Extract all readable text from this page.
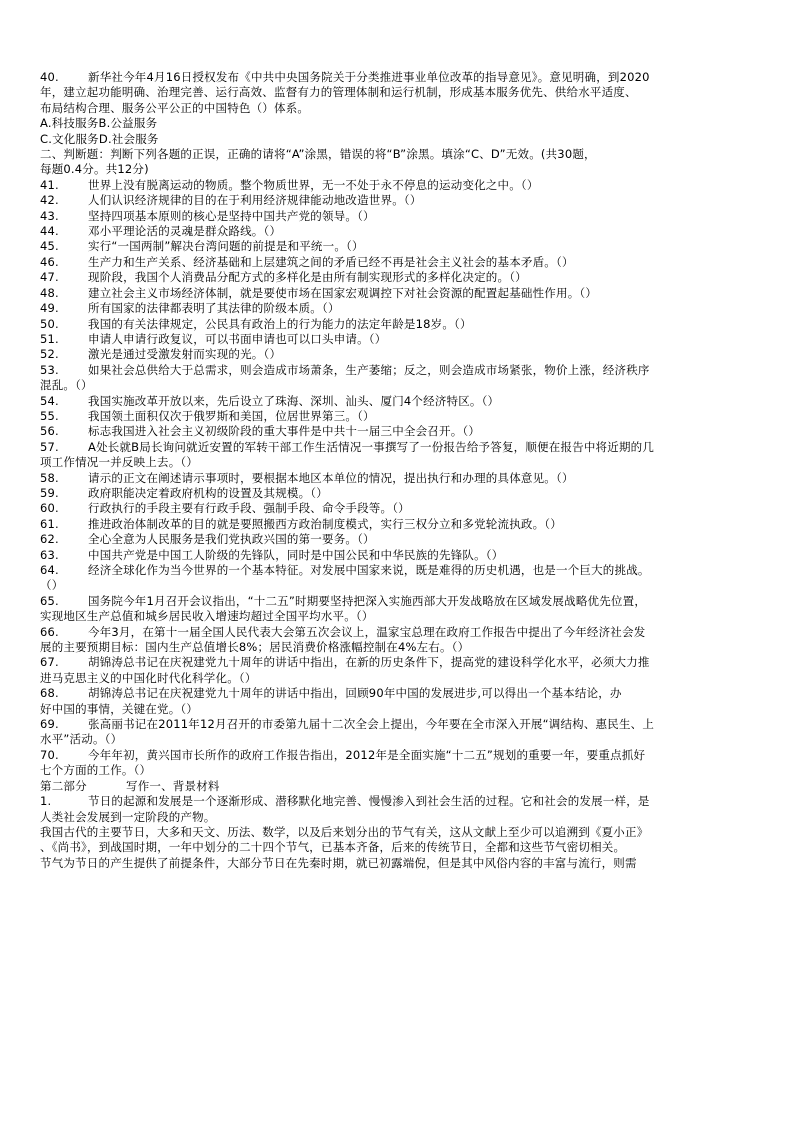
40.	新华社今年4月16日授权发布《中共中央国务院关于分类推进事业单位改革的指导意见》。意见明确，到2020
年，建立起功能明确、治理完善、运行高效、监督有力的管理体制和运行机制，形成基本服务优先、供给水平适度、
布局结构合理、服务公平公正的中国特色（）体系。
A.科技服务B.公益服务
C.文化服务D.社会服务
二、判断题：判断下列各题的正误，正确的请将“A”涂黑，错误的将“B”涂黑。填涂“C、D”无效。(共30题，
每题0.4分。共12分)
41.	世界上没有脱离运动的物质。整个物质世界，无一不处于永不停息的运动变化之中。（）
42.	人们认识经济规律的目的在于利用经济规律能动地改造世界。（）
43.	坚持四项基本原则的核心是坚持中国共产党的领导。（）
44.	邓小平理论活的灵魂是群众路线。（）
45.	实行“一国两制”解决台湾问题的前提是和平统一。（）
46.	生产力和生产关系、经济基础和上层建筑之间的矛盾已经不再是社会主义社会的基本矛盾。（）
47.	现阶段，我国个人消费品分配方式的多样化是由所有制实现形式的多样化决定的。（）
48.	建立社会主义市场经济体制，就是要使市场在国家宏观调控下对社会资源的配置起基础性作用。（）
49.	所有国家的法律都表明了其法律的阶级本质。（）
50.	我国的有关法律规定，公民具有政治上的行为能力的法定年龄是18岁。（）
51.	申请人申请行政复议，可以书面申请也可以口头申请。（）
52.	激光是通过受激发射而实现的光。（）
53.	如果社会总供给大于总需求，则会造成市场萧条，生产萎缩；反之，则会造成市场紧张，物价上涨，经济秩序
混乱。（）
54.	我国实施改革开放以来，先后设立了珠海、深圳、汕头、厦门4个经济特区。（）
55.	我国领土面积仅次于俄罗斯和美国，位居世界第三。（）
56.	标志我国进入社会主义初级阶段的重大事件是中共十一届三中全会召开。（）
57.	A处长就B局长询问就近安置的军转干部工作生活情况一事撰写了一份报告给予答复，顺便在报告中将近期的几
项工作情况一并反映上去。（）
58.	请示的正文在阐述请示事项时，要根据本地区本单位的情况，提出执行和办理的具体意见。（）
59.	政府职能决定着政府机构的设置及其规模。（）
60.	行政执行的手段主要有行政手段、强制手段、命令手段等。（）
61.	推进政治体制改革的目的就是要照搬西方政治制度模式，实行三权分立和多党轮流执政。（）
62.	全心全意为人民服务是我们党执政兴国的第一要务。（）
63.	中国共产党是中国工人阶级的先锋队，同时是中国公民和中华民族的先锋队。（）
64.	经济全球化作为当今世界的一个基本特征。对发展中国家来说，既是难得的历史机遇，也是一个巨大的挑战。
（）
65.	国务院今年1月召开会议指出，“十二五”时期要坚持把深入实施西部大开发战略放在区域发展战略优先位置，
实现地区生产总值和城乡居民收入增速均超过全国平均水平。（）
66.	今年3月，在第十一届全国人民代表大会第五次会议上，温家宝总理在政府工作报告中提出了今年经济社会发
展的主要预期目标：国内生产总值增长8%；居民消费价格涨幅控制在4%左右。（）
67.	胡锦涛总书记在庆祝建党九十周年的讲话中指出，在新的历史条件下，提高党的建设科学化水平，必须大力推
进马克思主义的中国化时代化科学化。（）
68.	胡锦涛总书记在庆祝建党九十周年的讲话中指出，回顾90年中国的发展进步,可以得出一个基本结论，办
好中国的事情，关键在党。（）
69.	张高丽书记在2011年12月召开的市委第九届十二次全会上提出，今年要在全市深入开展“调结构、惠民生、上
水平”活动。（）
70.	今年年初，黄兴国市长所作的政府工作报告指出，2012年是全面实施“十二五”规划的重要一年，要重点抓好
七个方面的工作。（）
第二部分	写作一、背景材料
1.	节日的起源和发展是一个逐渐形成、潜移默化地完善、慢慢渗入到社会生活的过程。它和社会的发展一样，是
人类社会发展到一定阶段的产物。
我国古代的主要节日，大多和天文、历法、数学，以及后来划分出的节气有关，这从文献上至少可以追溯到《夏小正》
、《尚书》，到战国时期，一年中划分的二十四个节气，已基本齐备，后来的传统节日，全都和这些节气密切相关。
节气为节日的产生提供了前提条件，大部分节日在先秦时期，就已初露端倪，但是其中风俗内容的丰富与流行，则需
